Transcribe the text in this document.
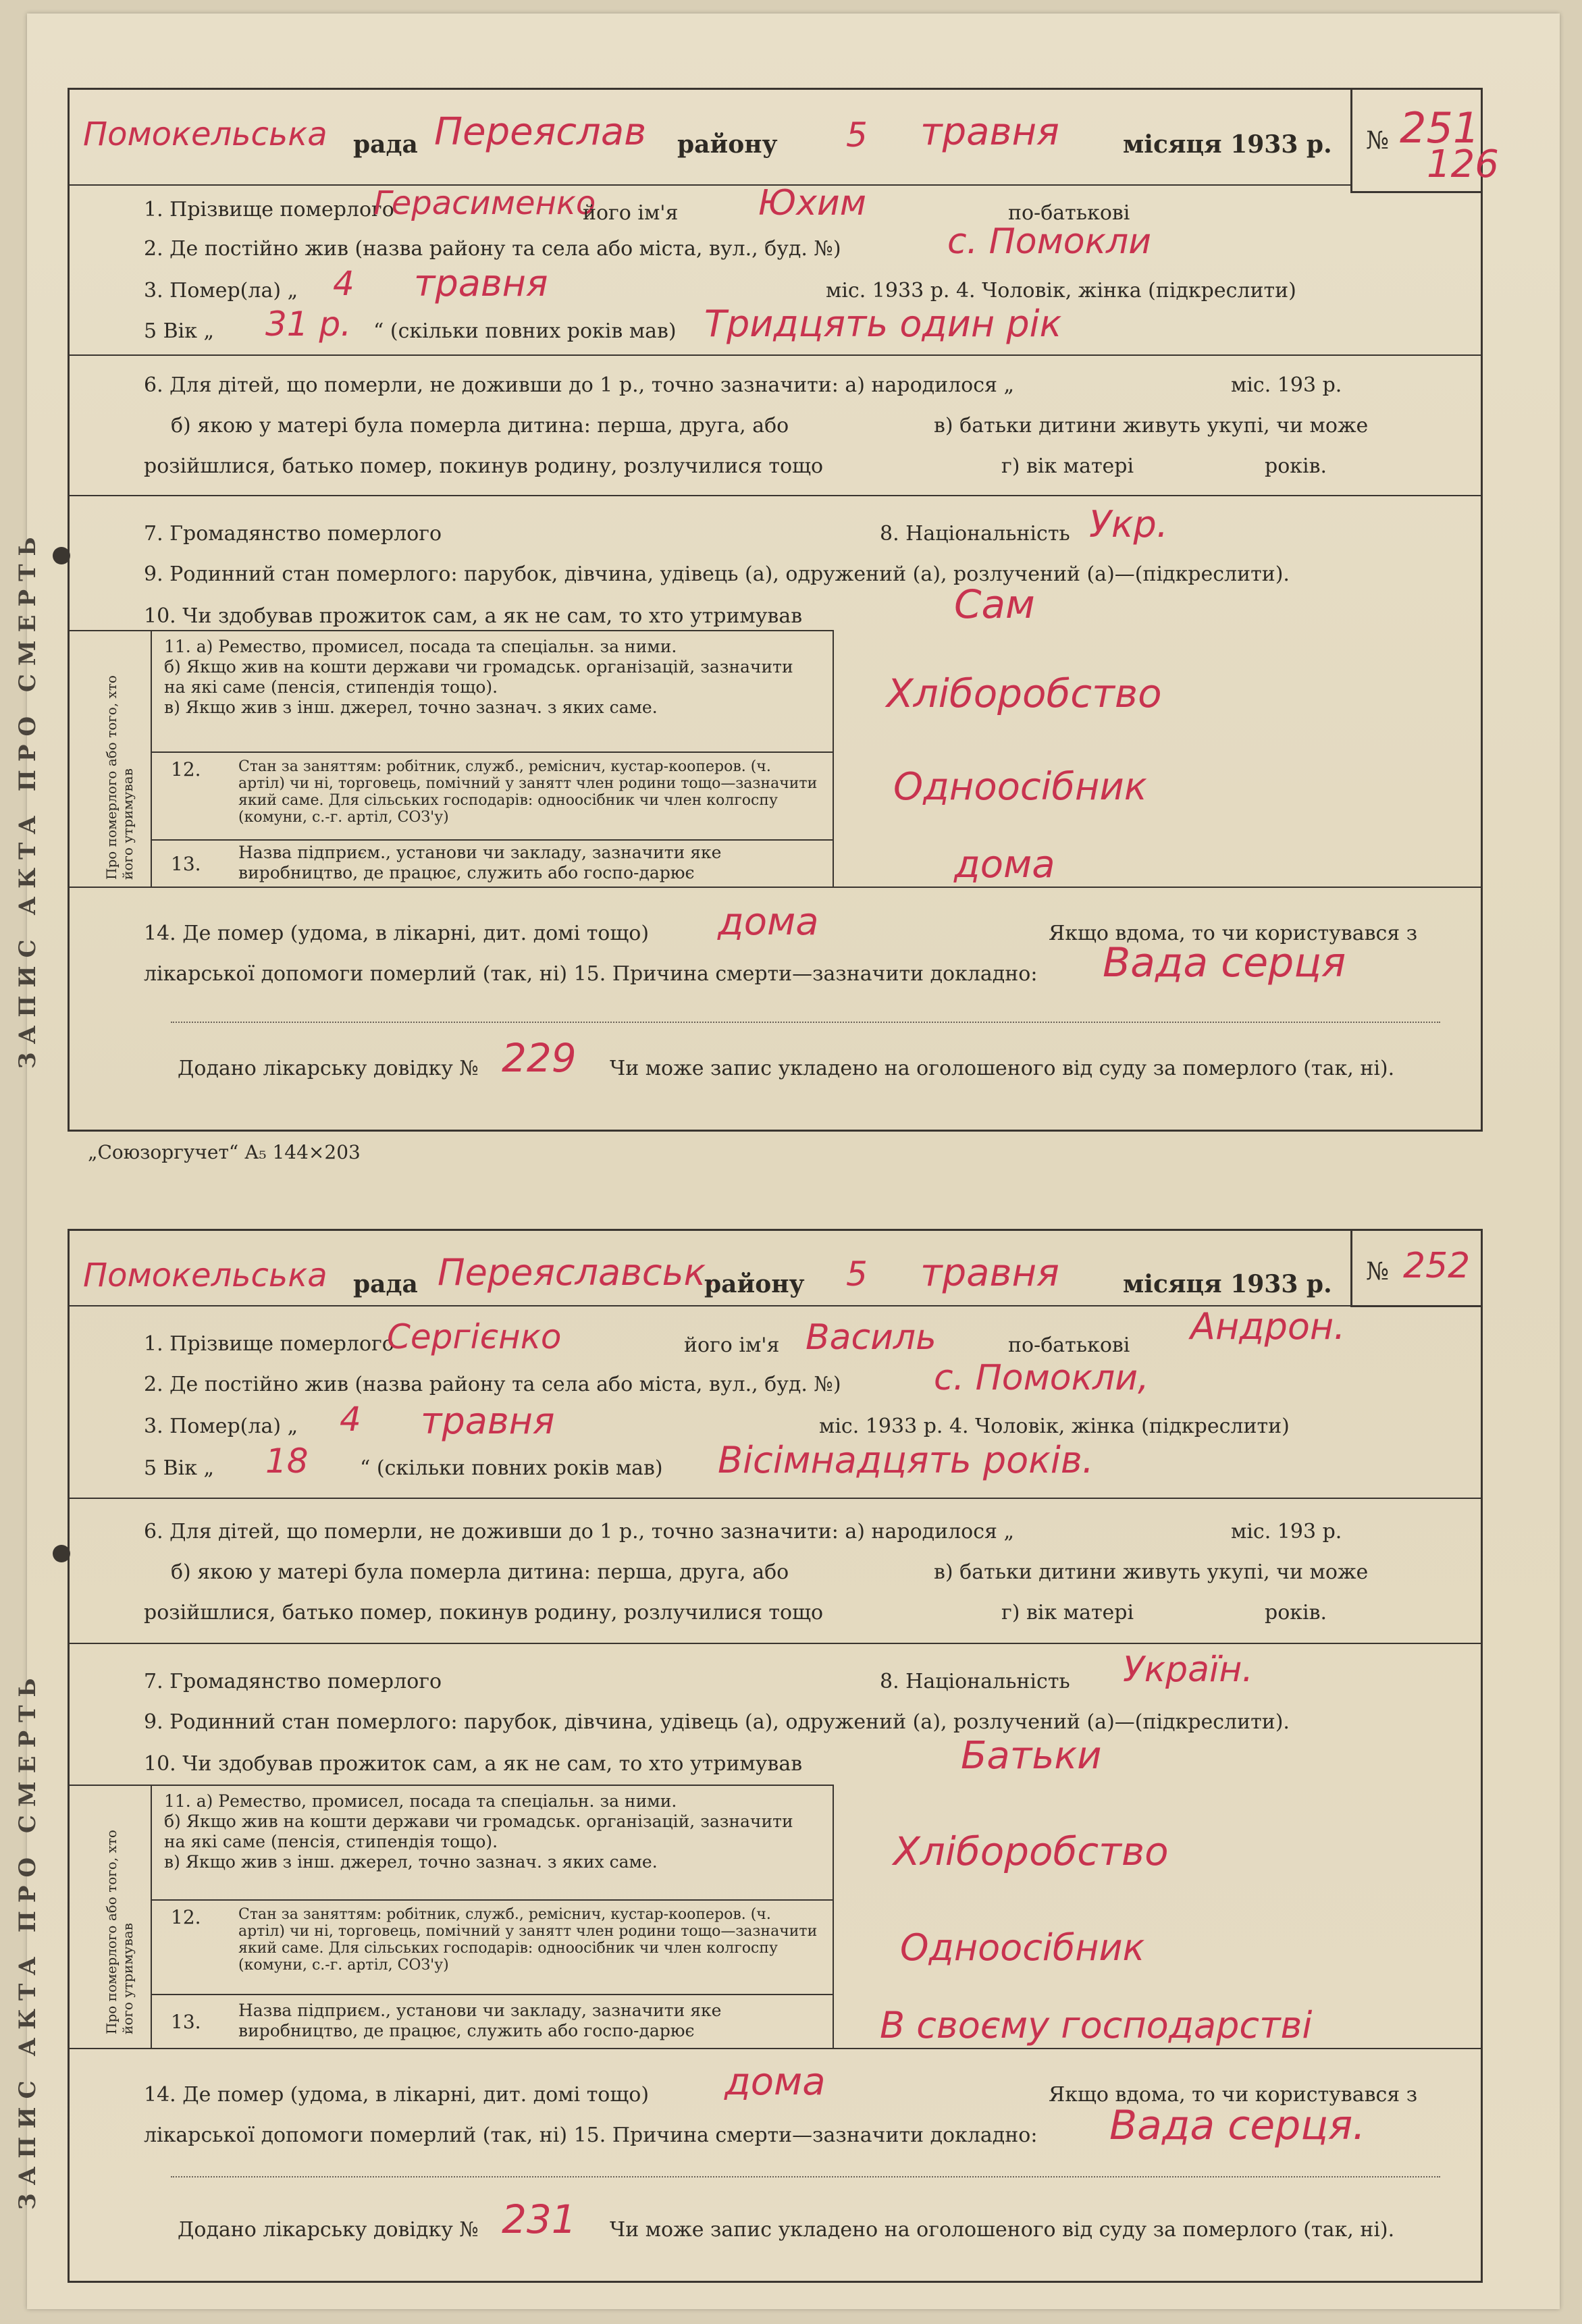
ЗАПИС АКТА ПРО СМЕРТЬ
№ 251
126
Помокельська рада Переяслав району 5 травня	місяця 1933 р.
1. Прізвище померлого
Герасименко
його ім'я Юхим	по-батькові
2. Де постійно жив (назва району та села або міста, вул., буд. №)	с. Помокли
3. Помер(ла) „ 4 травня	міс. 1933 р. 4. Чоловік, жінка (підкреслити)
5 Вік „ 31 р. “ (скільки повних років мав) Тридцять один рік
6. Для дітей, що померли, не доживши до 1 р., точно зазначити: а) народилося „	міс. 193 р.
б) якою у матері була померла дитина: перша, друга, або	в) батьки дитини живуть укупі, чи може
розійшлися, батько помер, покинув родину, розлучилися тощо	г) вік матері	років.
7. Громадянство померлого	8. Національність Укр.
9. Родинний стан померлого: парубок, дівчина, удівець (а), одружений (а), розлучений (а)—(підкреслити).
10. Чи здобував прожиток сам, а як не сам, то хто утримував	Сам
Про померлого або того, хто його утримував
11. а) Ремество, промисел, посада та спеціальн. за ними.
б) Якщо жив на кошти держави чи громадськ. організацій, зазначити на які саме (пенсія, стипендія тощо).
в) Якщо жив з інш. джерел, точно зазнач. з яких саме.	Хліборобство
12.	Стан за заняттям: робітник, служб., реміснич, кустар-кооперов. (ч. артіл) чи ні, торговець, помічний у занятт член родини тощо—зазначити який саме. Для сільських господарів: одноосібник чи член колгоспу (комуни, с.-г. артіл, СОЗ'у)
Одноосібник
13.
Назва підприєм., установи чи закладу, зазначити яке виробництво, де працює, служить або госпо-дарює	дома
14. Де помер (удома, в лікарні, дит. домі тощо) дома	Якщо вдома, то чи користувався з
лікарської допомоги померлий (так, ні) 15. Причина смерти—зазначити докладно: Вада серця
Додано лікарську довідку № 229 Чи може запис укладено на оголошеного від суду за померлого (так, ні).
„Союзоргучет“ А₅ 144×203
ЗАПИС АКТА ПРО СМЕРТЬ
№ 252
Помокельська рада Переяславськ.
району 5 травня	місяця 1933 р.
1. Прізвище померлого
Сергієнко	його ім'я Василь	по-батькові Андрон.
2. Де постійно жив (назва району та села або міста, вул., буд. №)	с. Помокли,
3. Помер(ла) „ 4 травня	міс. 1933 р. 4. Чоловік, жінка (підкреслити)
5 Вік „ 18	“ (скільки повних років мав) Вісімнадцять років.
6. Для дітей, що померли, не доживши до 1 р., точно зазначити: а) народилося „	міс. 193 р.
б) якою у матері була померла дитина: перша, друга, або	в) батьки дитини живуть укупі, чи може
розійшлися, батько помер, покинув родину, розлучилися тощо	г) вік матері	років.
7. Громадянство померлого	8. Національність Україн.
9. Родинний стан померлого: парубок, дівчина, удівець (а), одружений (а), розлучений (а)—(підкреслити).
10. Чи здобував прожиток сам, а як не сам, то хто утримував	Батьки
Про померлого або того, хто його утримував
11. а) Ремество, промисел, посада та спеціальн. за ними.
б) Якщо жив на кошти держави чи громадськ. організацій, зазначити на які саме (пенсія, стипендія тощо).
в) Якщо жив з інш. джерел, точно зазнач. з яких саме.	Хліборобство
12.	Стан за заняттям: робітник, служб., реміснич, кустар-кооперов. (ч. артіл) чи ні, торговець, помічний у занятт член родини тощо—зазначити який саме. Для сільських господарів: одноосібник чи член колгоспу (комуни, с.-г. артіл, СОЗ'у)	Одноосібник
13.
Назва підприєм., установи чи закладу, зазначити яке виробництво, де працює, служить або госпо-дарює	В своєму господарстві
14. Де помер (удома, в лікарні, дит. домі тощо) дома	Якщо вдома, то чи користувався з
лікарської допомоги померлий (так, ні) 15. Причина смерти—зазначити докладно: Вада серця.
Додано лікарську довідку № 231 Чи може запис укладено на оголошеного від суду за померлого (так, ні).
